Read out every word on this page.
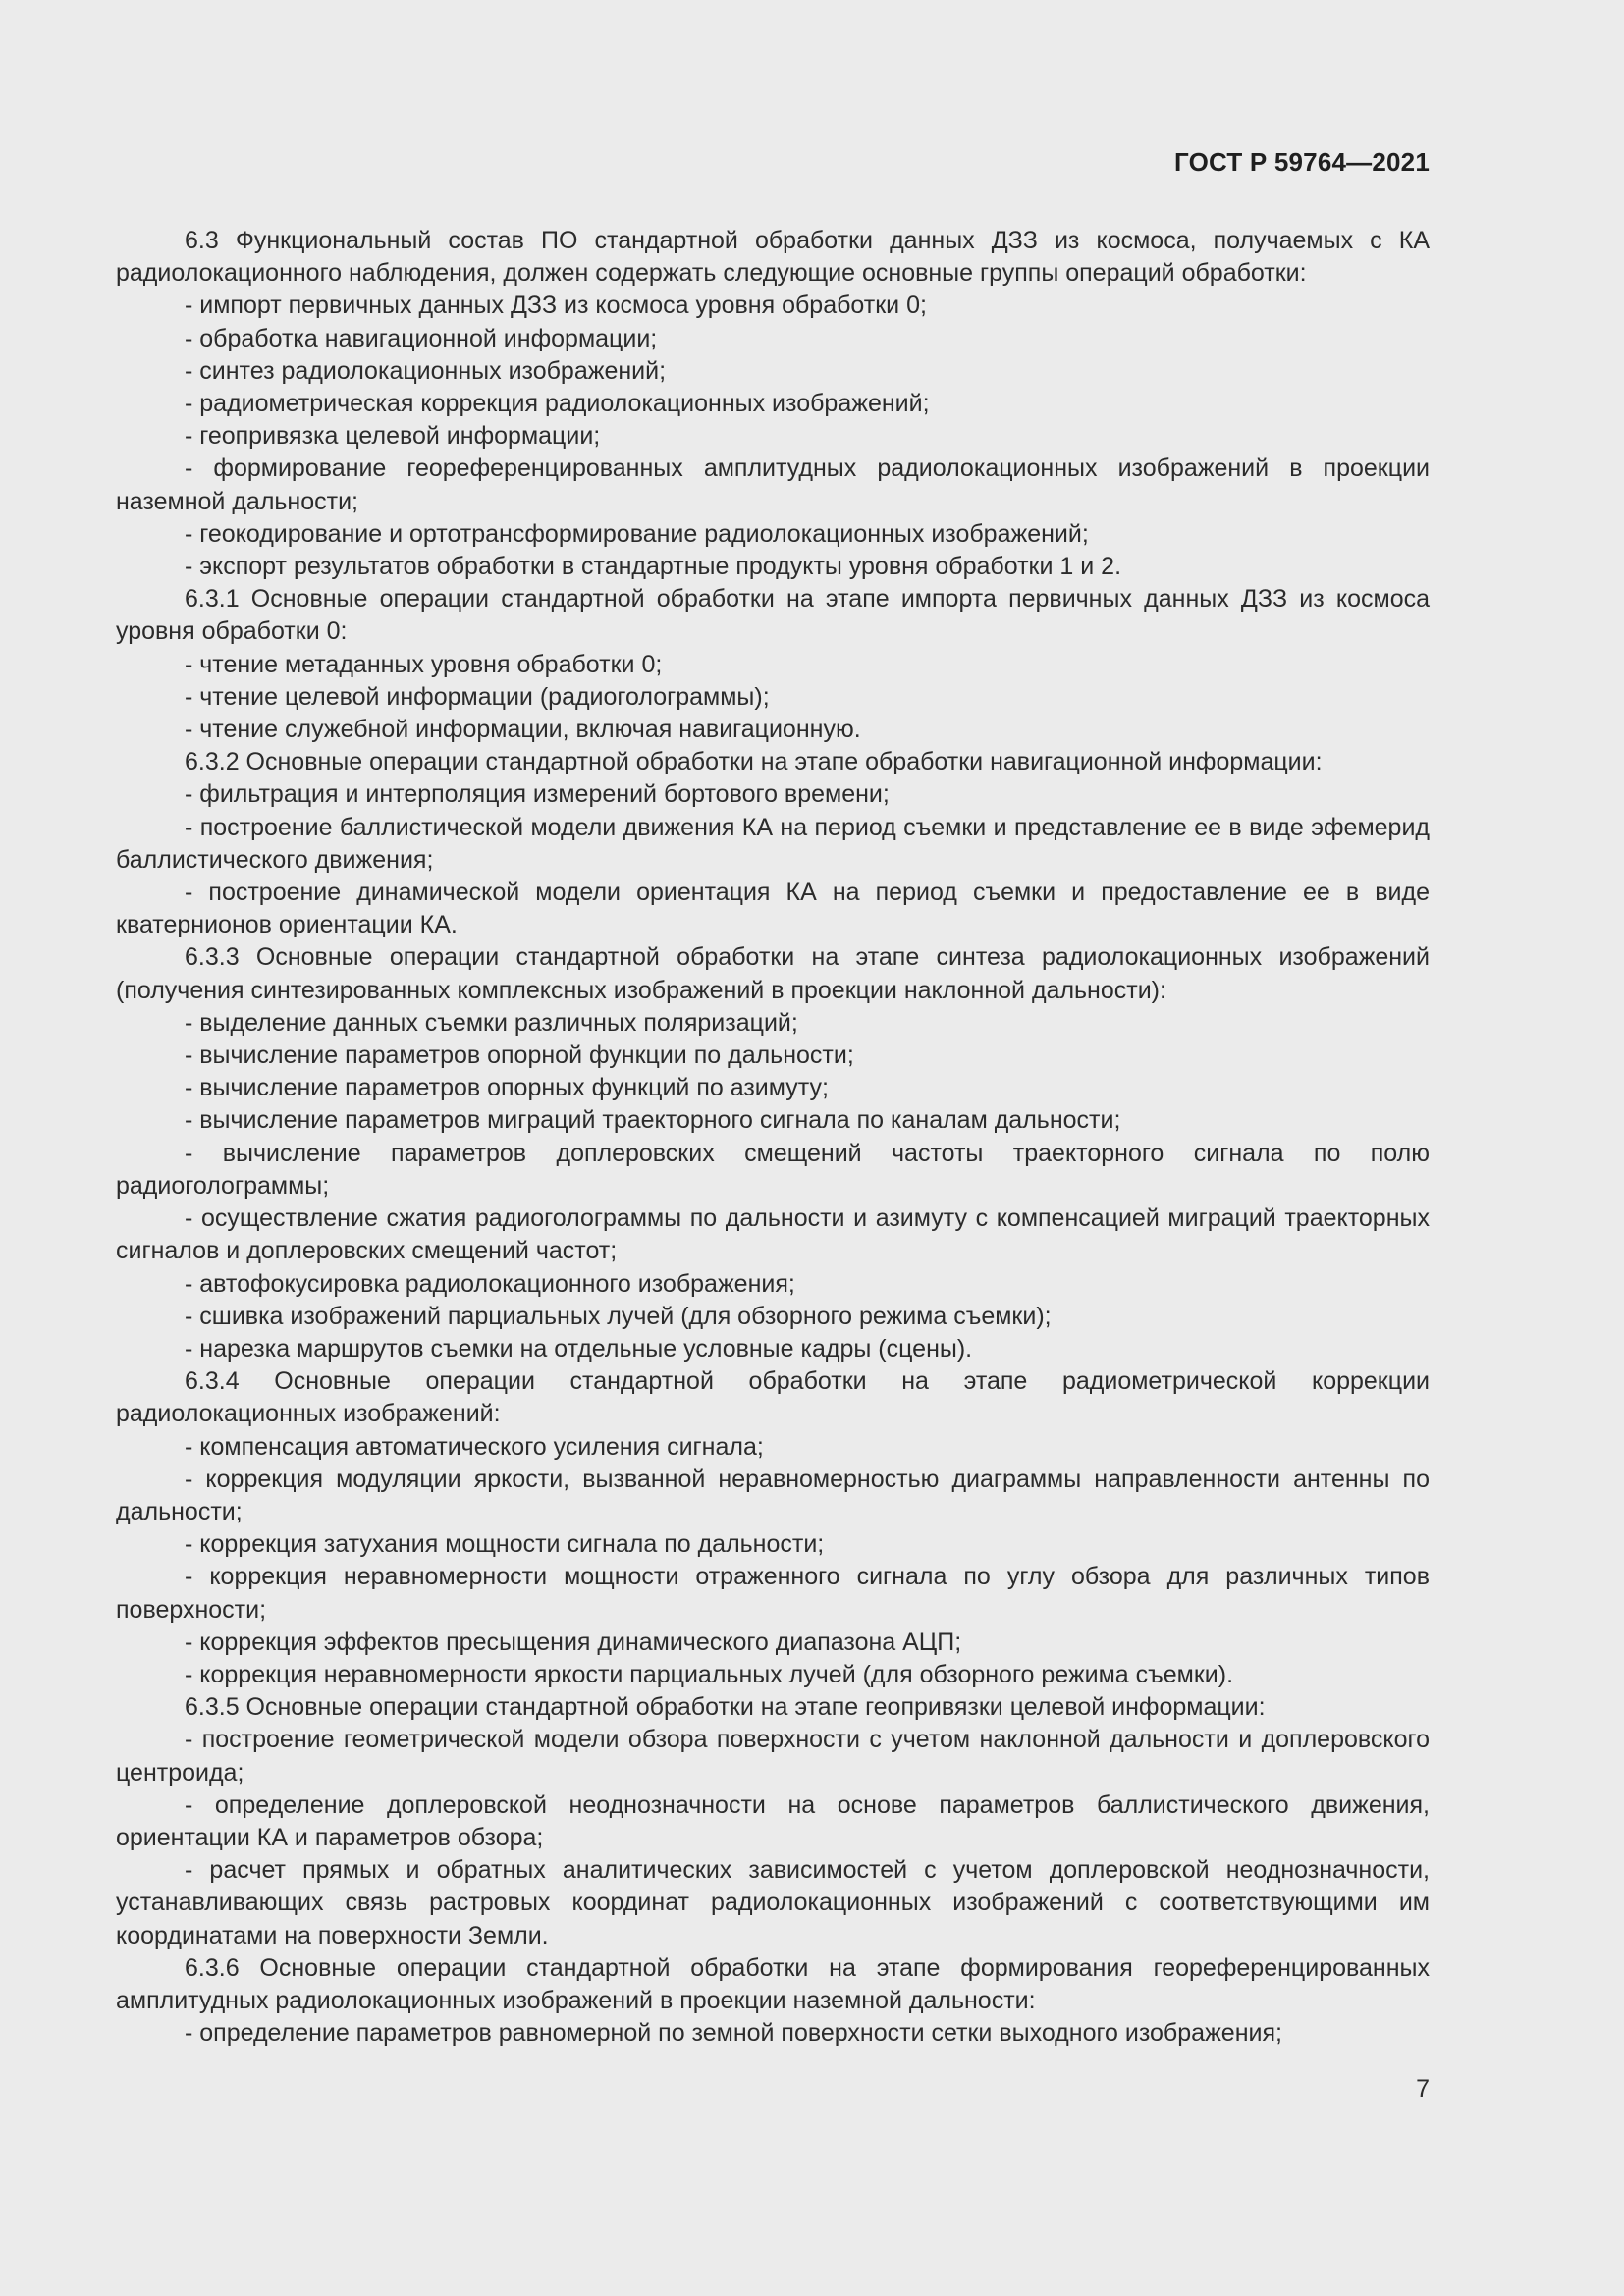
ГОСТ Р 59764—2021

6.3 Функциональный состав ПО стандартной обработки данных ДЗЗ из космоса, получаемых с КА радиолокационного наблюдения, должен содержать следующие основные группы операций обработки:

- импорт первичных данных ДЗЗ из космоса уровня обработки 0;

- обработка навигационной информации;

- синтез радиолокационных изображений;

- радиометрическая коррекция радиолокационных изображений;

- геопривязка целевой информации;

- формирование геореференцированных амплитудных радиолокационных изображений в проекции наземной дальности;

- геокодирование и ортотрансформирование радиолокационных изображений;

- экспорт результатов обработки в стандартные продукты уровня обработки 1 и 2.

6.3.1 Основные операции стандартной обработки на этапе импорта первичных данных ДЗЗ из космоса уровня обработки 0:

- чтение метаданных уровня обработки 0;

- чтение целевой информации (радиоголограммы);

- чтение служебной информации, включая навигационную.

6.3.2 Основные операции стандартной обработки на этапе обработки навигационной информации:

- фильтрация и интерполяция измерений бортового времени;

- построение баллистической модели движения КА на период съемки и представление ее в виде эфемерид баллистического движения;

- построение динамической модели ориентация КА на период съемки и предоставление ее в виде кватернионов ориентации КА.

6.3.3 Основные операции стандартной обработки на этапе синтеза радиолокационных изображений (получения синтезированных комплексных изображений в проекции наклонной дальности):

- выделение данных съемки различных поляризаций;

- вычисление параметров опорной функции по дальности;

- вычисление параметров опорных функций по азимуту;

- вычисление параметров миграций траекторного сигнала по каналам дальности;

- вычисление параметров доплеровских смещений частоты траекторного сигнала по полю радиоголограммы;

- осуществление сжатия радиоголограммы по дальности и азимуту с компенсацией миграций траекторных сигналов и доплеровских смещений частот;

- автофокусировка радиолокационного изображения;

- сшивка изображений парциальных лучей (для обзорного режима съемки);

- нарезка маршрутов съемки на отдельные условные кадры (сцены).

6.3.4 Основные операции стандартной обработки на этапе радиометрической коррекции радиолокационных изображений:

- компенсация автоматического усиления сигнала;

- коррекция модуляции яркости, вызванной неравномерностью диаграммы направленности антенны по дальности;

- коррекция затухания мощности сигнала по дальности;

- коррекция неравномерности мощности отраженного сигнала по углу обзора для различных типов поверхности;

- коррекция эффектов пресыщения динамического диапазона АЦП;

- коррекция неравномерности яркости парциальных лучей (для обзорного режима съемки).

6.3.5 Основные операции стандартной обработки на этапе геопривязки целевой информации:

- построение геометрической модели обзора поверхности с учетом наклонной дальности и доплеровского центроида;

- определение доплеровской неоднозначности на основе параметров баллистического движения, ориентации КА и параметров обзора;

- расчет прямых и обратных аналитических зависимостей с учетом доплеровской неоднозначности, устанавливающих связь растровых координат радиолокационных изображений с соответствующими им координатами на поверхности Земли.

6.3.6 Основные операции стандартной обработки на этапе формирования геореференцированных амплитудных радиолокационных изображений в проекции наземной дальности:

- определение параметров равномерной по земной поверхности сетки выходного изображения;

7
